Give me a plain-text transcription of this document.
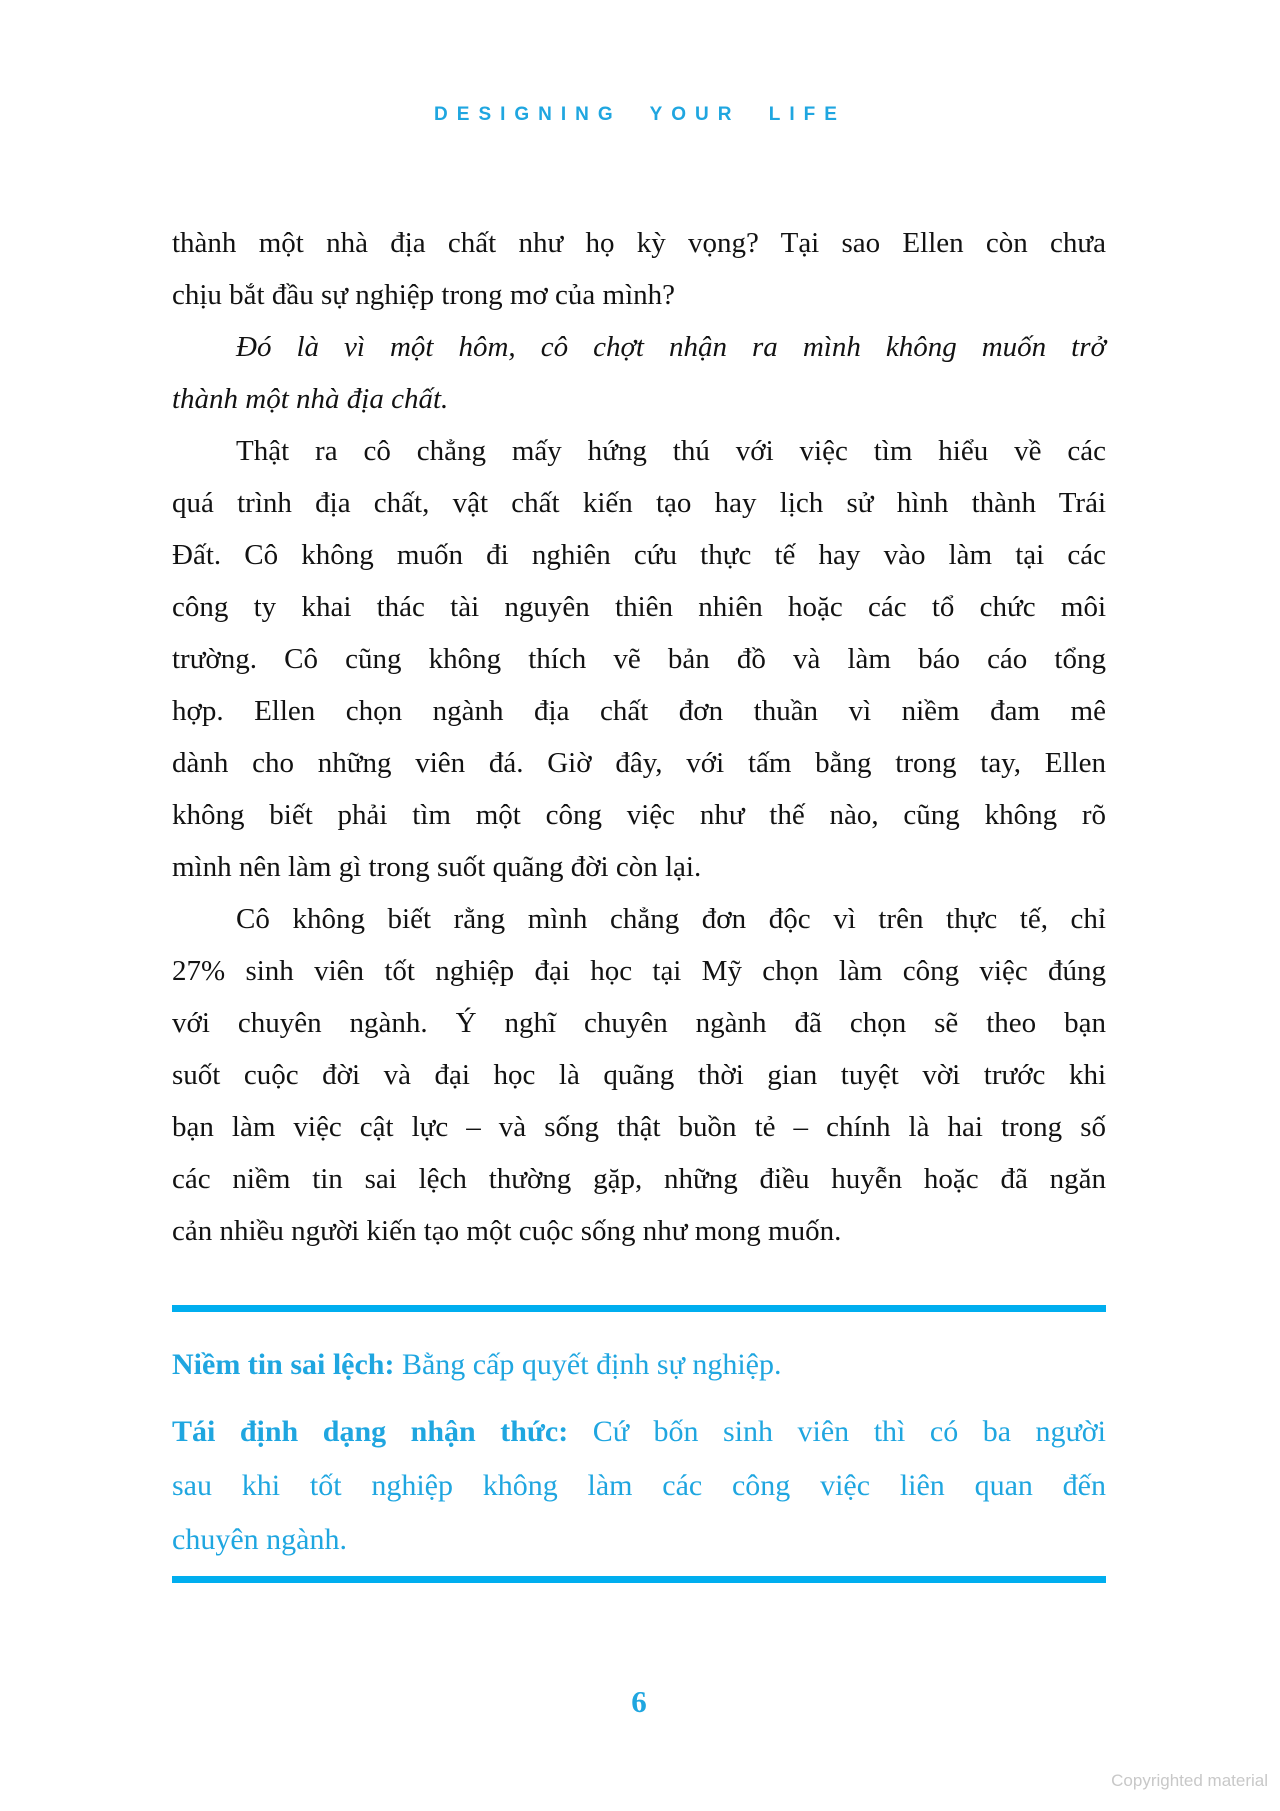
DESIGNING YOUR LIFE
thành một nhà địa chất như họ kỳ vọng? Tại sao Ellen còn chưa
chịu bắt đầu sự nghiệp trong mơ của mình?
Đó là vì một hôm, cô chợt nhận ra mình không muốn trở
thành một nhà địa chất.
Thật ra cô chẳng mấy hứng thú với việc tìm hiểu về các
quá trình địa chất, vật chất kiến tạo hay lịch sử hình thành Trái
Đất. Cô không muốn đi nghiên cứu thực tế hay vào làm tại các
công ty khai thác tài nguyên thiên nhiên hoặc các tổ chức môi
trường. Cô cũng không thích vẽ bản đồ và làm báo cáo tổng
hợp. Ellen chọn ngành địa chất đơn thuần vì niềm đam mê
dành cho những viên đá. Giờ đây, với tấm bằng trong tay, Ellen
không biết phải tìm một công việc như thế nào, cũng không rõ
mình nên làm gì trong suốt quãng đời còn lại.
Cô không biết rằng mình chẳng đơn độc vì trên thực tế, chỉ
27% sinh viên tốt nghiệp đại học tại Mỹ chọn làm công việc đúng
với chuyên ngành. Ý nghĩ chuyên ngành đã chọn sẽ theo bạn
suốt cuộc đời và đại học là quãng thời gian tuyệt vời trước khi
bạn làm việc cật lực – và sống thật buồn tẻ – chính là hai trong số
các niềm tin sai lệch thường gặp, những điều huyễn hoặc đã ngăn
cản nhiều người kiến tạo một cuộc sống như mong muốn.
Niềm tin sai lệch: Bằng cấp quyết định sự nghiệp.
Tái định dạng nhận thức: Cứ bốn sinh viên thì có ba người
sau khi tốt nghiệp không làm các công việc liên quan đến
chuyên ngành.
6
Copyrighted material
